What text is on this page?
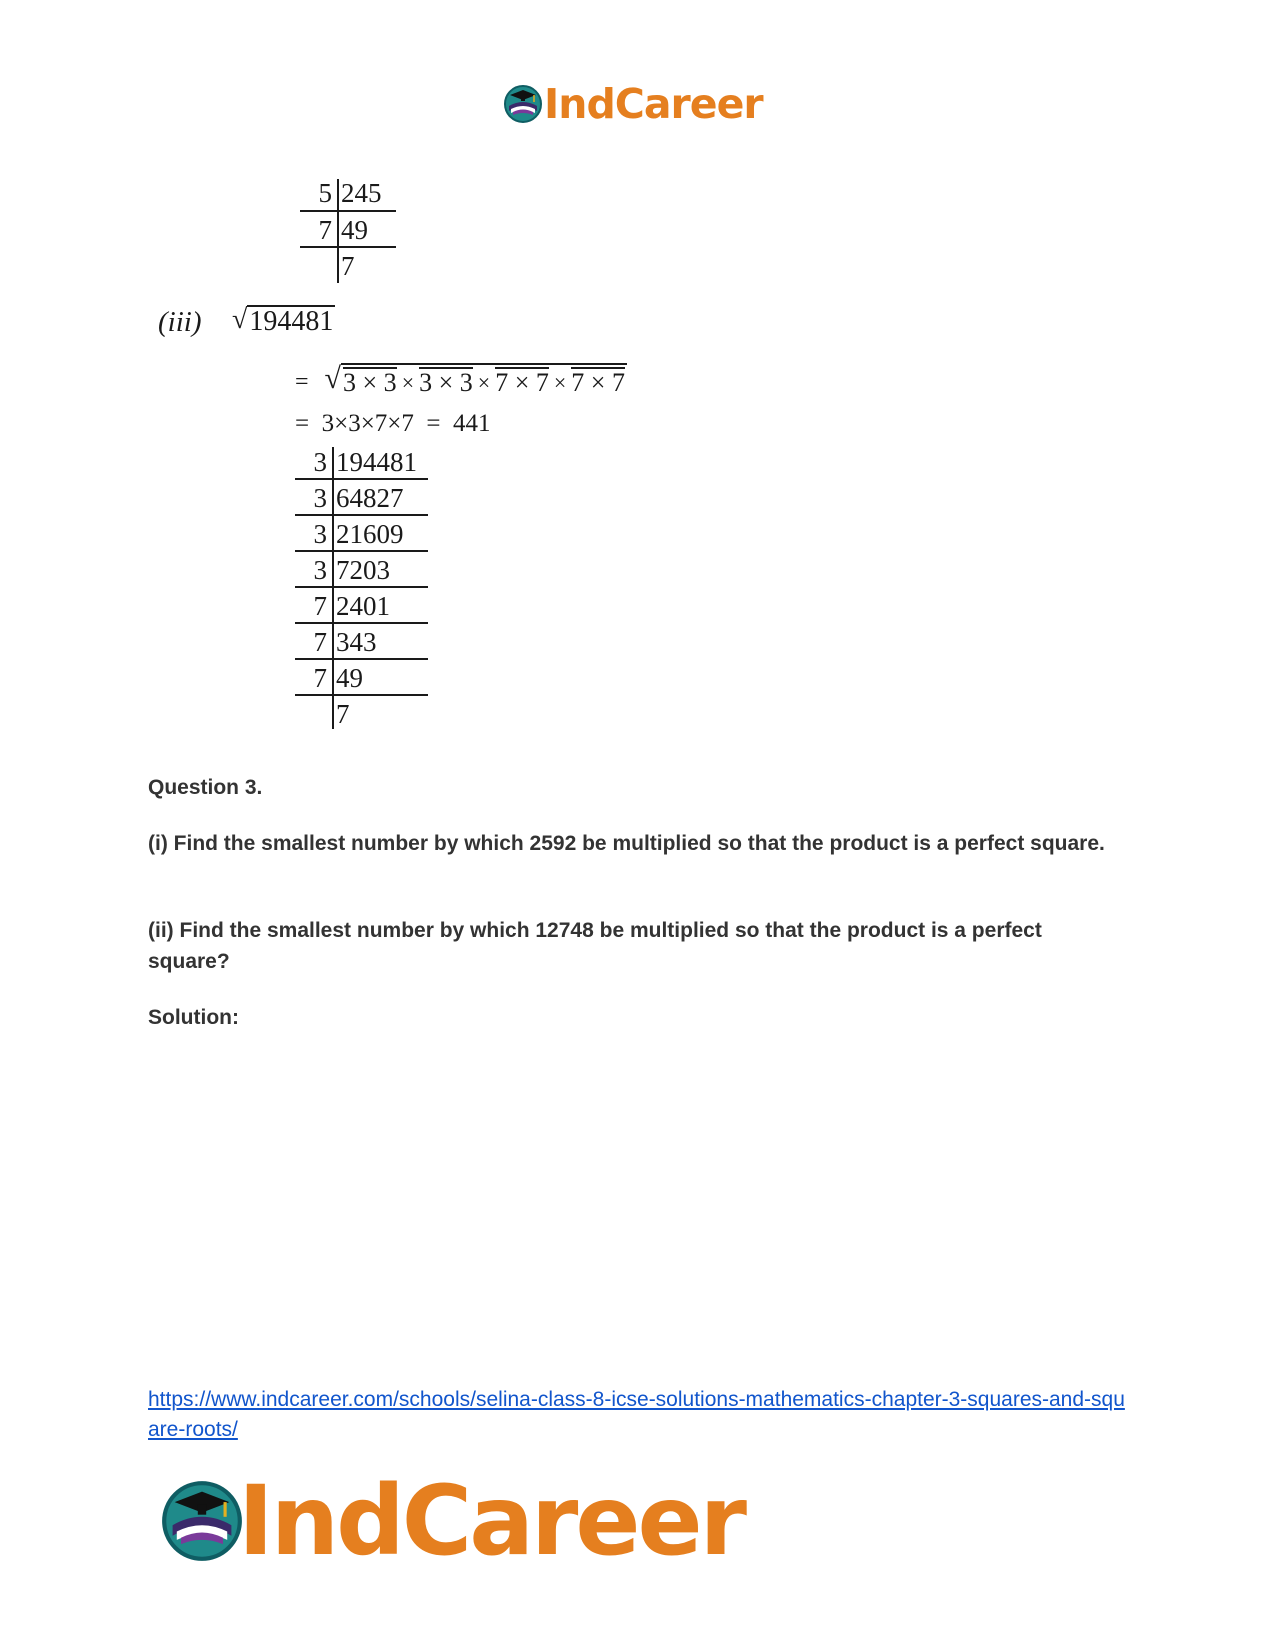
IndCareer
5 245
7 49
7
(iii) √ 194481
= √ 3 × 3 × 3 × 3 × 7 × 7 × 7 × 7
=  3×3×7×7  =  441
3 194481
3 64827
3 21609
3 7203
7 2401
7 343
7 49
7
Question 3.
(i) Find the smallest number by which 2592 be multiplied so that the product is a perfect square.
(ii) Find the smallest number by which 12748 be multiplied so that the product is a perfect square?
Solution:
https://www.indcareer.com/schools/selina-class-8-icse-solutions-mathematics-chapter-3-squares-and-square-roots/
IndCareer
